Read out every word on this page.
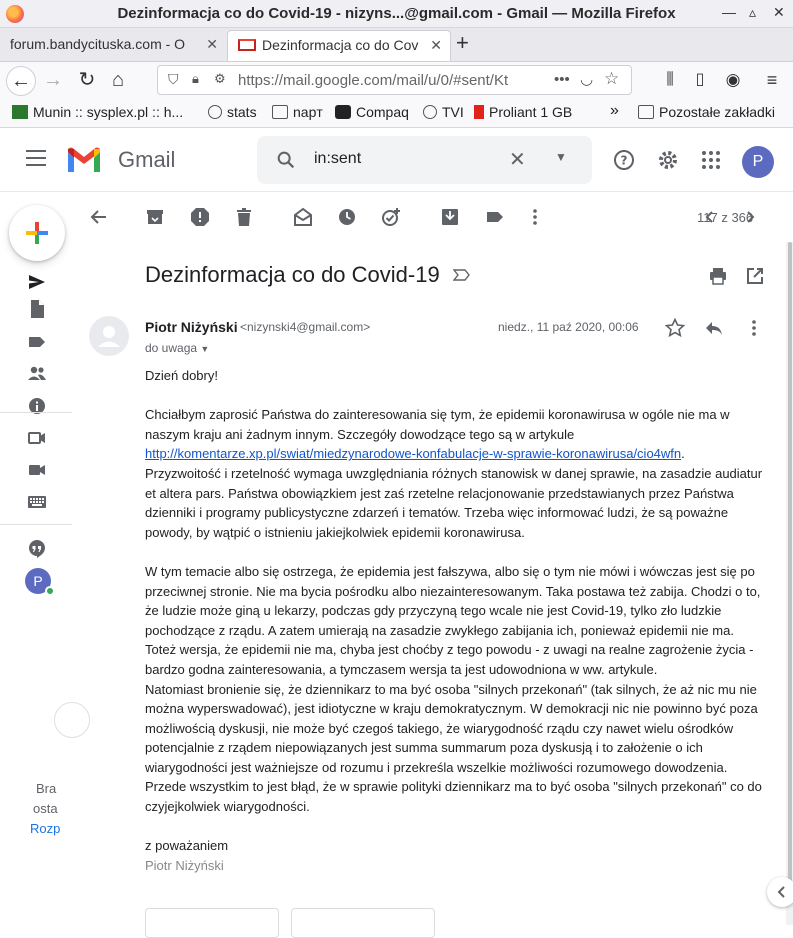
Dezinformacja co do Covid-19 - nizyns...@gmail.com - Gmail — Mozilla Firefox	— ▵ ✕
forum.bandycituska.com - O ✕	Dezinformacja co do Cov ✕ +
← → ↻ ⌂	⛉ 🔒︎ ⚙ https://mail.google.com/mail/u/0/#sent/Kt	••• ◡ ☆	⫼	▯	◉	≡
Munin :: sysplex.pl :: h...	stats	napт	Compaq	TVI	Proliant 1 GB »	Pozostałe zakładki
Gmail	in:sent	✕ ▼	?	P
P
Bra
osta
Rozp
117 z 366
Dezinformacja co do Covid-19
Piotr Niżyński <nizynski4@gmail.com>
do uwaga ▼
niedz., 11 paź 2020, 00:06

Dzień dobry!

Chciałbym zaprosić Państwa do zainteresowania się tym, że epidemii koronawirusa w ogóle nie ma w naszym kraju ani żadnym innym. Szczegóły dowodzące tego są w artykule http://komentarze.xp.pl/swiat/miedzynarodowe-konfabulacje-w-sprawie-koronawirusa/cio4wfn.

Przyzwoitość i rzetelność wymaga uwzględniania różnych stanowisk w danej sprawie, na zasadzie audiatur et altera pars. Państwa obowiązkiem jest zaś rzetelne relacjonowanie przedstawianych przez Państwa dzienniki i programy publicystyczne zdarzeń i tematów. Trzeba więc informować ludzi, że są poważne powody, by wątpić o istnieniu jakiejkolwiek epidemii koronawirusa.

W tym temacie albo się ostrzega, że epidemia jest fałszywa, albo się o tym nie mówi i wówczas jest się po przeciwnej stronie. Nie ma bycia pośrodku albo niezainteresowanym. Taka postawa też zabija. Chodzi o to, że ludzie może giną u lekarzy, podczas gdy przyczyną tego wcale nie jest Covid-19, tylko zło ludzkie pochodzące z rządu. A zatem umierają na zasadzie zwykłego zabijania ich, ponieważ epidemii nie ma.

Toteż wersja, że epidemii nie ma, chyba jest choćby z tego powodu - z uwagi na realne zagrożenie życia - bardzo godna zainteresowania, a tymczasem wersja ta jest udowodniona w ww. artykule.

Natomiast bronienie się, że dziennikarz to ma być osoba "silnych przekonań" (tak silnych, że aż nic mu nie można wyperswadować), jest idiotyczne w kraju demokratycznym. W demokracji nic nie powinno być poza możliwością dyskusji, nie może być czegoś takiego, że wiarygodność rządu czy nawet wielu ośrodków potencjalnie z rządem niepowiązanych jest summa summarum poza dyskusją i to założenie o ich wiarygodności jest ważniejsze od rozumu i przekreśla wszelkie możliwości rozumowego dowodzenia. Przede wszystkim to jest błąd, że w sprawie polityki dziennikarz ma to być osoba "silnych przekonań" co do czyjejkolwiek wiarygodności.

z poważaniem

Piotr Niżyński
